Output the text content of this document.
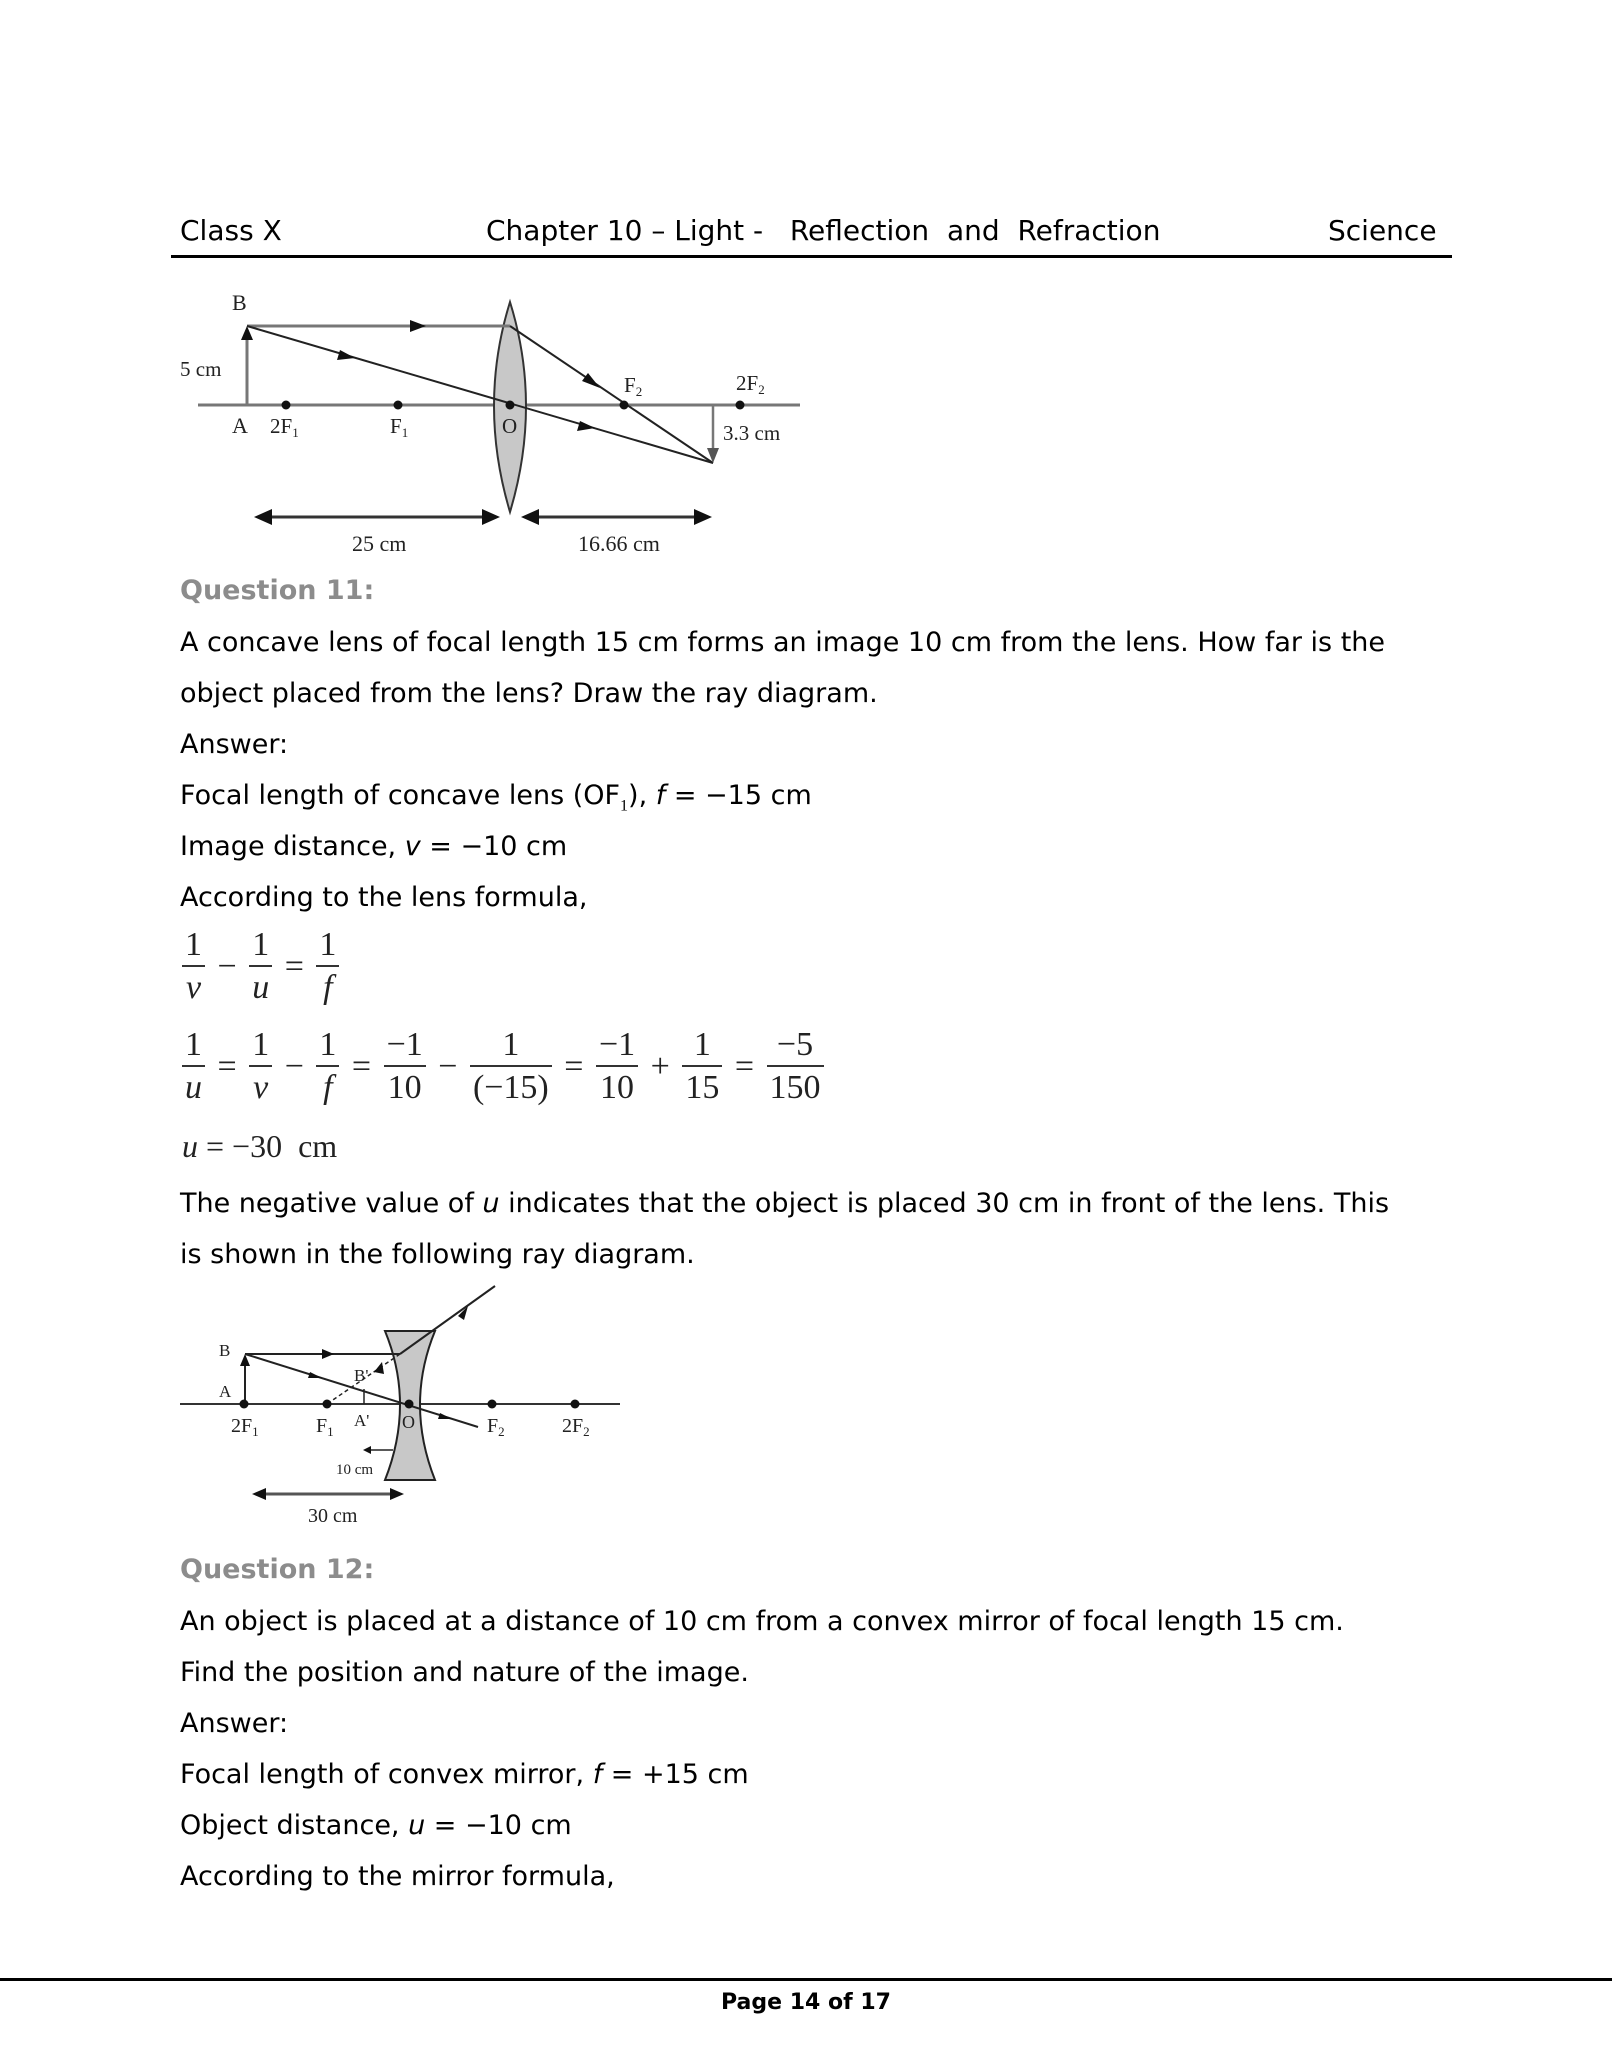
Class X	Chapter 10 – Light -   Reflection  and  Refraction	Science
B
5 cm
A 2F1	F1	O
F2	2F2
3.3 cm
25 cm	16.66 cm
Question 11:
A concave lens of focal length 15 cm forms an image 10 cm from the lens. How far is the
object placed from the lens? Draw the ray diagram.
Answer:
Focal length of concave lens $(OF_1)$, f = −15 cm
Image distance, v = −10 cm
According to the lens formula,
$\frac{1}{v} - \frac{1}{u} = \frac{1}{f}$
$\frac{1}{u} = \frac{1}{v} - \frac{1}{f} = \frac{-1}{10} - \frac{1}{(-15)} = \frac{-1}{10} + \frac{1}{15} = \frac{-5}{150}$
u = −30  cm
The negative value of u indicates that the object is placed 30 cm in front of the lens. This
is shown in the following ray diagram.
B
A
B'
A'
$2F_1$	$F_1$	O	$F_2$	$2F_2$
10 cm
30 cm
Question 12:
An object is placed at a distance of 10 cm from a convex mirror of focal length 15 cm.
Find the position and nature of the image.
Answer:
Focal length of convex mirror, f = +15 cm
Object distance, u = −10 cm
According to the mirror formula,
Page 14 of 17
